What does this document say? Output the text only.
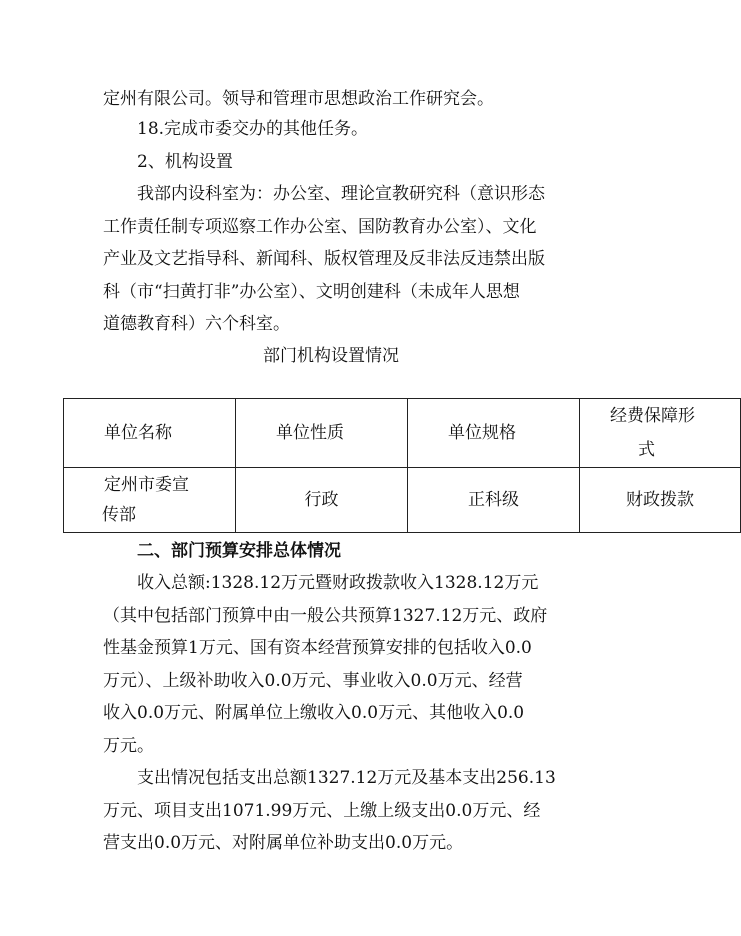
定州有限公司。领导和管理市思想政治工作研究会。
18.完成市委交办的其他任务。
2、机构设置
我部内设科室为：办公室、理论宣教研究科（意识形态
工作责任制专项巡察工作办公室、国防教育办公室）、文化
产业及文艺指导科、新闻科、版权管理及反非法反违禁出版
科（市“扫黄打非”办公室）、文明创建科（未成年人思想
道德教育科）六个科室。
部门机构设置情况
单位名称	单位性质	单位规格	经费保障形
式

定州市委宣
传部	行政	正科级	财政拨款
二、部门预算安排总体情况
收入总额:1328.12万元暨财政拨款收入1328.12万元
（其中包括部门预算中由一般公共预算1327.12万元、政府
性基金预算1万元、国有资本经营预算安排的包括收入0.0
万元）、上级补助收入0.0万元、事业收入0.0万元、经营
收入0.0万元、附属单位上缴收入0.0万元、其他收入0.0
万元。
支出情况包括支出总额1327.12万元及基本支出256.13
万元、项目支出1071.99万元、上缴上级支出0.0万元、经
营支出0.0万元、对附属单位补助支出0.0万元。
